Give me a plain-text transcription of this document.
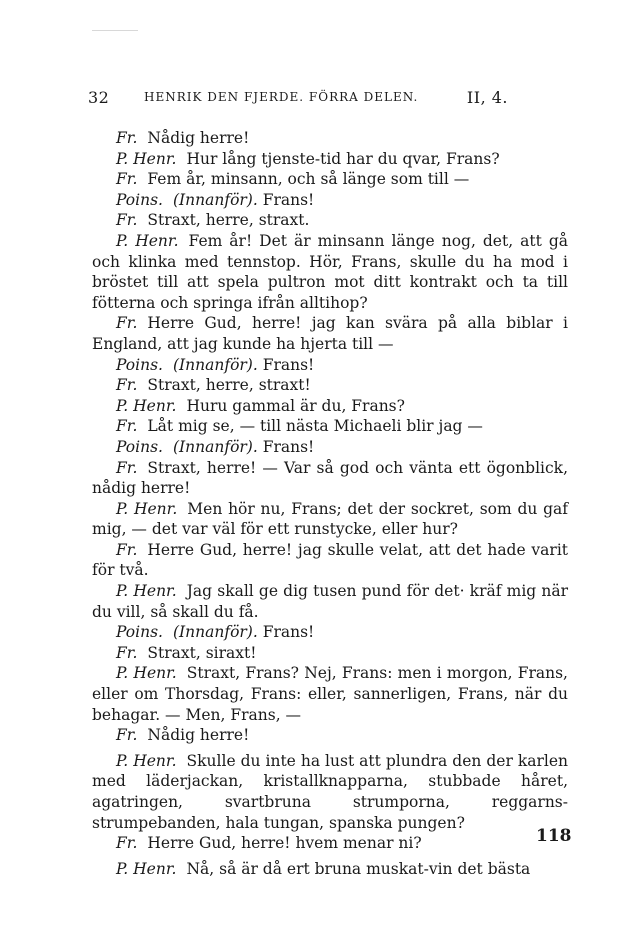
32	HENRIK DEN FJERDE. FÖRRA DELEN.	II, 4.

Fr. Nådig herre!

P. Henr. Hur lång tjenste-tid har du qvar, Frans?

Fr. Fem år, minsann, och så länge som till —

Poins. (Innanför). Frans!

Fr. Straxt, herre, straxt.

P. Henr. Fem år! Det är minsann länge nog, det, att gå och klinka med tennstop. Hör, Frans, skulle du ha mod i bröstet till att spela pultron mot ditt kontrakt och ta till fötterna och springa ifrån alltihop?

Fr. Herre Gud, herre! jag kan svära på alla biblar i England, att jag kunde ha hjerta till —

Poins. (Innanför). Frans!

Fr. Straxt, herre, straxt!

P. Henr. Huru gammal är du, Frans?

Fr. Låt mig se, — till nästa Michaeli blir jag —

Poins. (Innanför). Frans!

Fr. Straxt, herre! — Var så god och vänta ett ögonblick, nådig herre!

P. Henr. Men hör nu, Frans; det der sockret, som du gaf mig, — det var väl för ett runstycke, eller hur?

Fr. Herre Gud, herre! jag skulle velat, att det hade varit för två.

P. Henr. Jag skall ge dig tusen pund för det· kräf mig när du vill, så skall du få.

Poins. (Innanför). Frans!

Fr. Straxt, siraxt!

P. Henr. Straxt, Frans? Nej, Frans: men i morgon, Frans, eller om Thorsdag, Frans: eller, sannerligen, Frans, när du behagar. — Men, Frans, —

Fr. Nådig herre!

P. Henr. Skulle du inte ha lust att plundra den der karlen med läderjackan, kristallknapparna, stubbade håret, agatringen, svartbruna strumporna, reggarns-strumpebanden, hala tungan, spanska pungen?

Fr. Herre Gud, herre! hvem menar ni?

P. Henr. Nå, så är då ert bruna muskat-vin det bästa

118
